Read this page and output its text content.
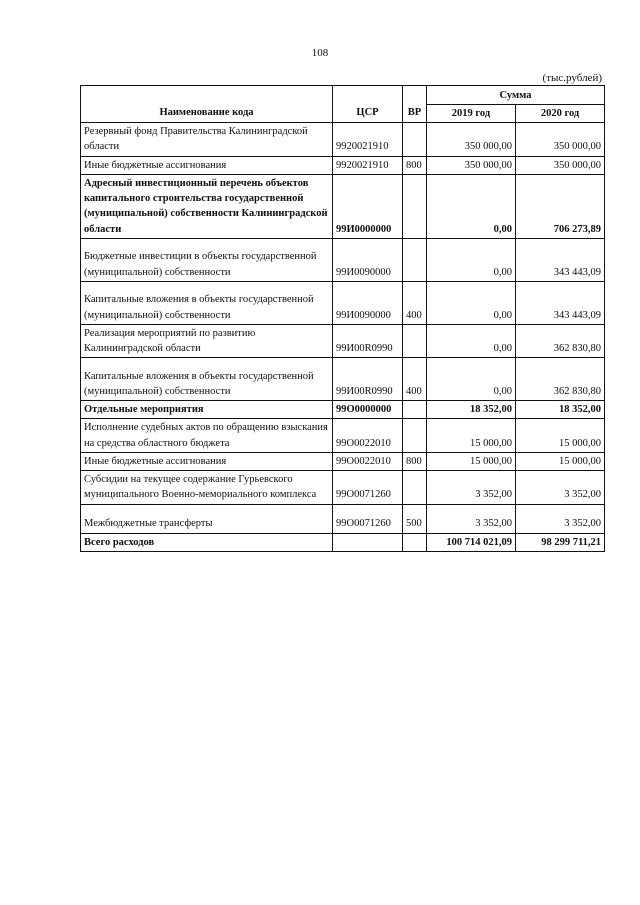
108
(тыс.рублей)
Наименование кода	ЦСР	ВР	Сумма	
			2019 год	2020 год
Резервный фонд Правительства Калининградской области	9920021910		350 000,00	350 000,00
Иные бюджетные ассигнования	9920021910	800	350 000,00	350 000,00
Адресный инвестиционный перечень объектов капитального строительства государственной (муниципальной) собственности Калининградской области	99И0000000		0,00	706 273,89
Бюджетные инвестиции в объекты государственной (муниципальной) собственности	99И0090000		0,00	343 443,09
Капитальные вложения в объекты государственной (муниципальной) собственности	99И0090000	400	0,00	343 443,09
Реализация мероприятий по развитию Калининградской области	99И00R0990		0,00	362 830,80
Капитальные вложения в объекты государственной (муниципальной) собственности	99И00R0990	400	0,00	362 830,80
Отдельные мероприятия	99О0000000		18 352,00	18 352,00
Исполнение судебных актов по обращению взыскания на средства областного бюджета	99О0022010		15 000,00	15 000,00
Иные бюджетные ассигнования	99О0022010	800	15 000,00	15 000,00
Субсидии на текущее содержание Гурьевского муниципального Военно-мемориального комплекса	99О0071260		3 352,00	3 352,00
Межбюджетные трансферты	99О0071260	500	3 352,00	3 352,00
Всего расходов			100 714 021,09	98 299 711,21
